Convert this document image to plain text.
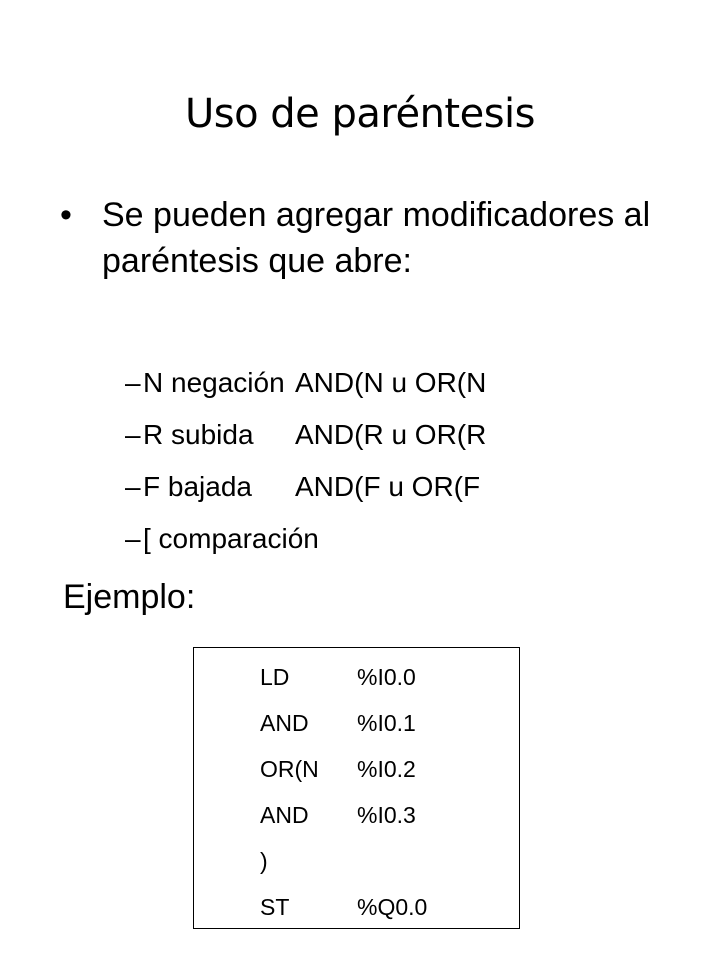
Uso de paréntesis
• Se pueden agregar modificadores al paréntesis que abre:
– N negación AND(N u OR(N
– R subida	AND(R u OR(R
– F bajada	AND(F u OR(F
– [ comparación
Ejemplo:
LD	%I0.0
AND	%I0.1
OR(N	%I0.2
AND	%I0.3
)
ST	%Q0.0
